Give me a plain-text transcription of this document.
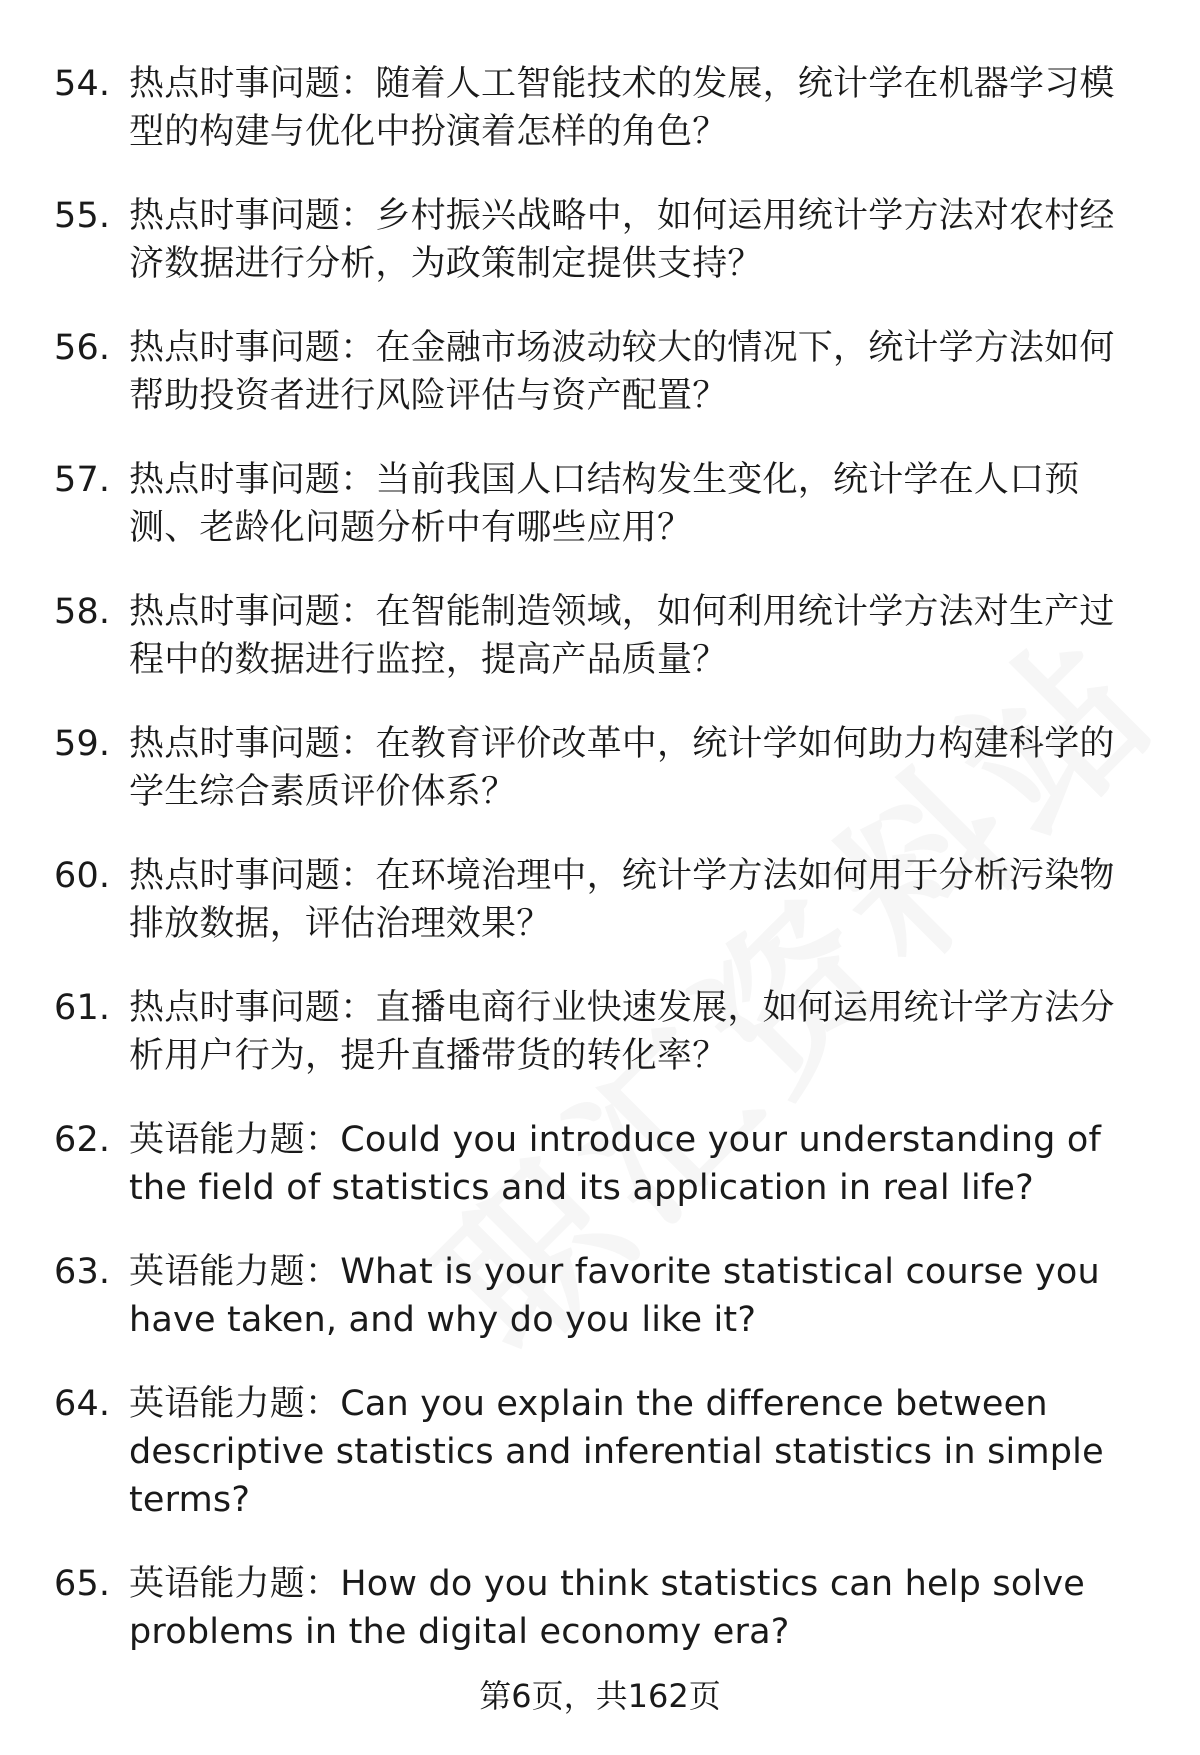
54. 热点时事问题：随着人工智能技术的发展，统计学在机器学习模型的构建与优化中扮演着怎样的角色？
55. 热点时事问题：乡村振兴战略中，如何运用统计学方法对农村经济数据进行分析，为政策制定提供支持？
56. 热点时事问题：在金融市场波动较大的情况下，统计学方法如何帮助投资者进行风险评估与资产配置？
57. 热点时事问题：当前我国人口结构发生变化，统计学在人口预测、老龄化问题分析中有哪些应用？
58. 热点时事问题：在智能制造领域，如何利用统计学方法对生产过程中的数据进行监控，提高产品质量？
59. 热点时事问题：在教育评价改革中，统计学如何助力构建科学的学生综合素质评价体系？
60. 热点时事问题：在环境治理中，统计学方法如何用于分析污染物排放数据，评估治理效果？
61. 热点时事问题：直播电商行业快速发展，如何运用统计学方法分析用户行为，提升直播带货的转化率？
62. 英语能力题：Could you introduce your understanding of the field of statistics and its application in real life?
63. 英语能力题：What is your favorite statistical course you have taken, and why do you like it?
64. 英语能力题：Can you explain the difference between descriptive statistics and inferential statistics in simple terms?
65. 英语能力题：How do you think statistics can help solve problems in the digital economy era?
第6页，共162页
